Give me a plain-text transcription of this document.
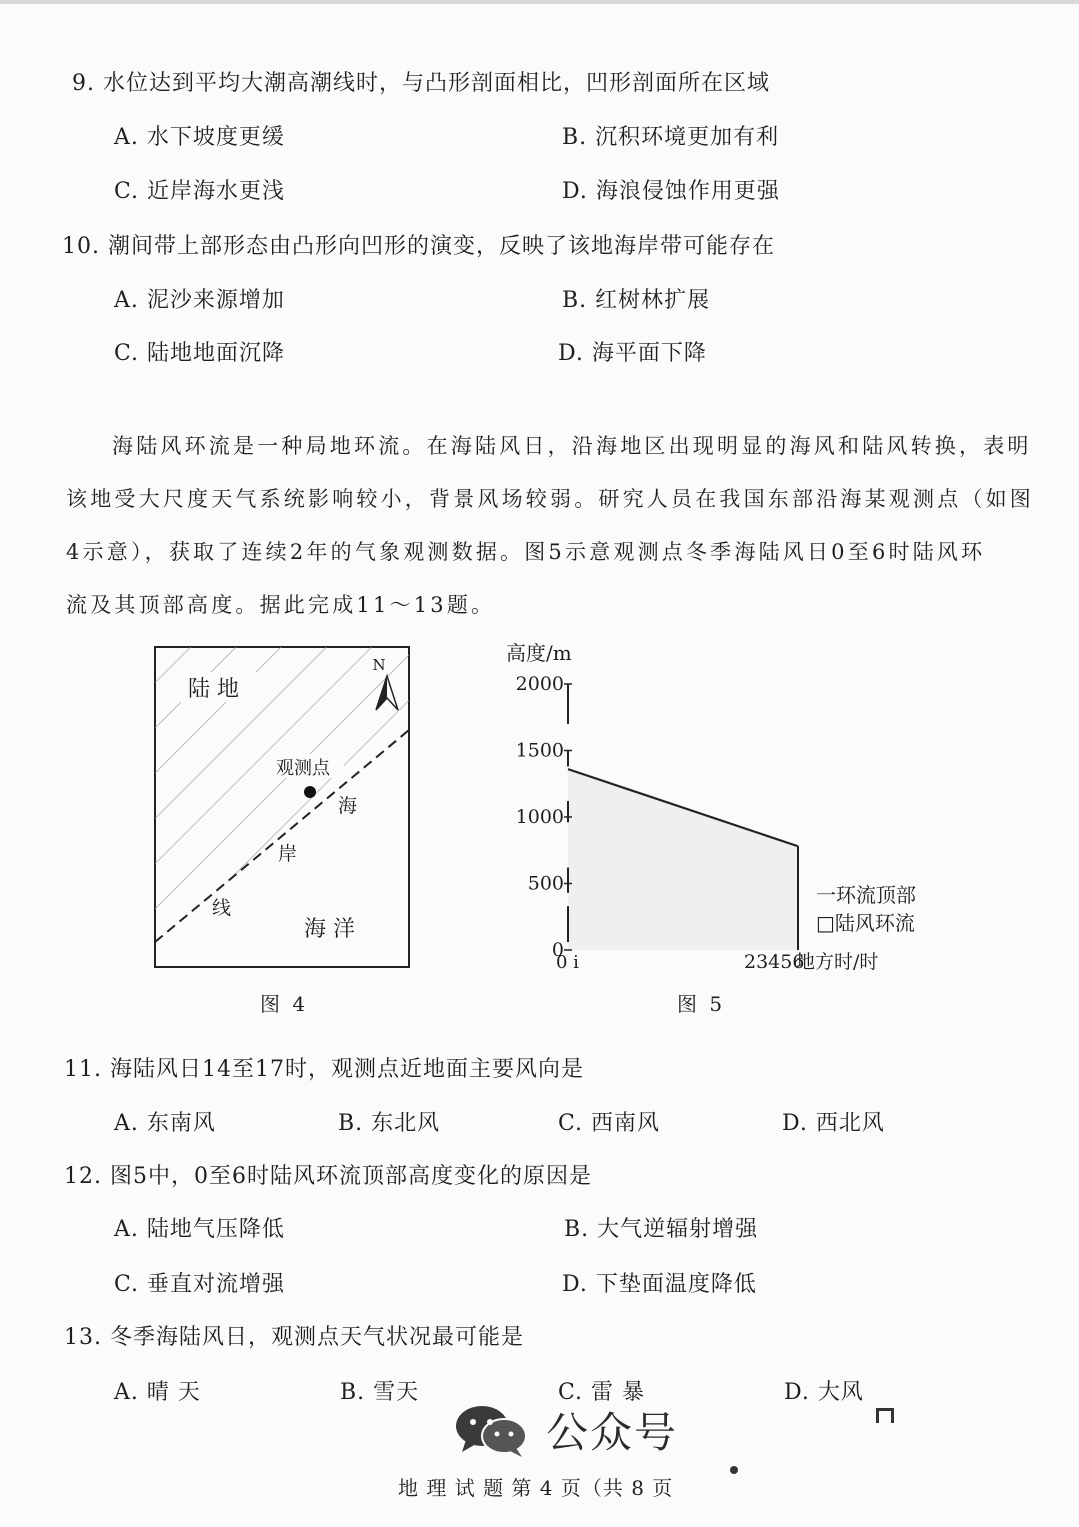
9. 水位达到平均大潮高潮线时，与凸形剖面相比，凹形剖面所在区域
A. 水下坡度更缓	B. 沉积环境更加有利
C. 近岸海水更浅	D. 海浪侵蚀作用更强
10. 潮间带上部形态由凸形向凹形的演变，反映了该地海岸带可能存在
A. 泥沙来源增加	B. 红树林扩展
C. 陆地地面沉降	D. 海平面下降
海陆风环流是一种局地环流。在海陆风日，沿海地区出现明显的海风和陆风转换，表明
该地受大尺度天气系统影响较小，背景风场较弱。研究人员在我国东部沿海某观测点（如图
4示意），获取了连续2年的气象观测数据。图5示意观测点冬季海陆风日0至6时陆风环
流及其顶部高度。据此完成11～13题。
陆 地
N
观测点
海
岸
线
海 洋
图 4
高度/m
2000
1500
1000
500
0
0 i	23456
地方时/时
一环流顶部
□陆风环流
图 5
11. 海陆风日14至17时，观测点近地面主要风向是
A. 东南风	B. 东北风	C. 西南风	D. 西北风
12. 图5中，0至6时陆风环流顶部高度变化的原因是
A. 陆地气压降低	B. 大气逆辐射增强
C. 垂直对流增强	D. 下垫面温度降低
13. 冬季海陆风日，观测点天气状况最可能是
A. 晴 天	B. 雪天	C. 雷 暴	D. 大风
公众号
地 理 试 题 第 4 页（共 8 页
